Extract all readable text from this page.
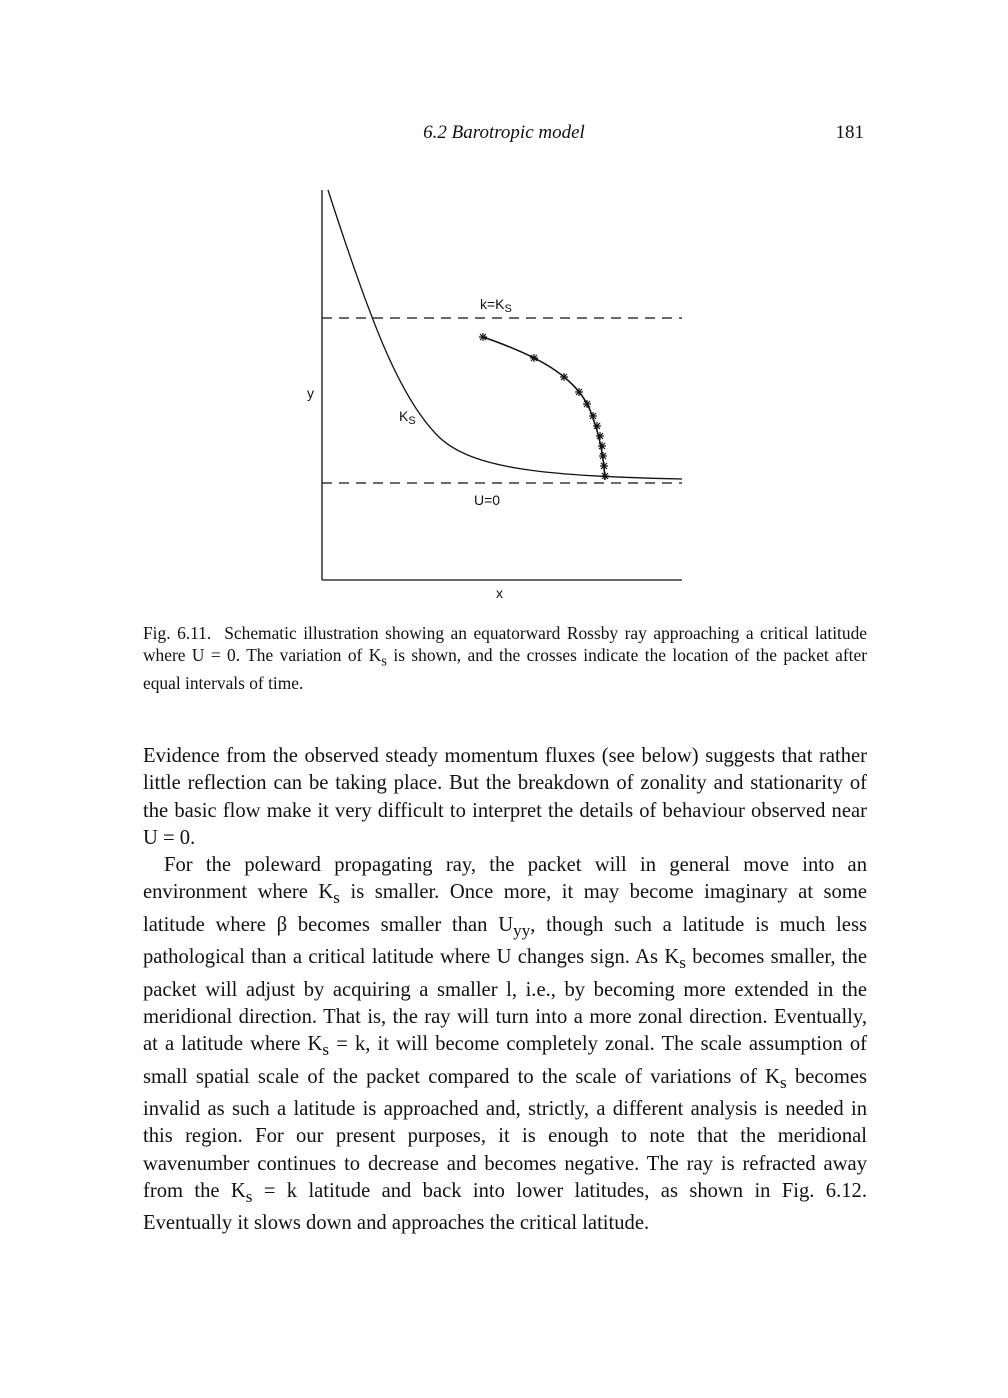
6.2 Barotropic model	181
y
x
$k=K_S$
U=0
$K_S$

Fig. 6.11. Schematic illustration showing an equatorward Rossby ray approaching a critical latitude where U = 0. The variation of $K_s$ is shown, and the crosses indicate the location of the packet after equal intervals of time.

Evidence from the observed steady momentum fluxes (see below) suggests that rather little reflection can be taking place. But the breakdown of zonality and stationarity of the basic flow make it very difficult to interpret the details of behaviour observed near U = 0.

For the poleward propagating ray, the packet will in general move into an environment where $K_s$ is smaller. Once more, it may become imaginary at some latitude where β becomes smaller than $U_{yy}$, though such a latitude is much less pathological than a critical latitude where U changes sign. As $K_s$ becomes smaller, the packet will adjust by acquiring a smaller l, i.e., by becoming more extended in the meridional direction. That is, the ray will turn into a more zonal direction. Eventually, at a latitude where $K_s = k$, it will become completely zonal. The scale assumption of small spatial scale of the packet compared to the scale of variations of $K_s$ becomes invalid as such a latitude is approached and, strictly, a different analysis is needed in this region. For our present purposes, it is enough to note that the meridional wavenumber continues to decrease and becomes negative. The ray is refracted away from the $K_s = k$ latitude and back into lower latitudes, as shown in Fig. 6.12. Eventually it slows down and approaches the critical latitude.
